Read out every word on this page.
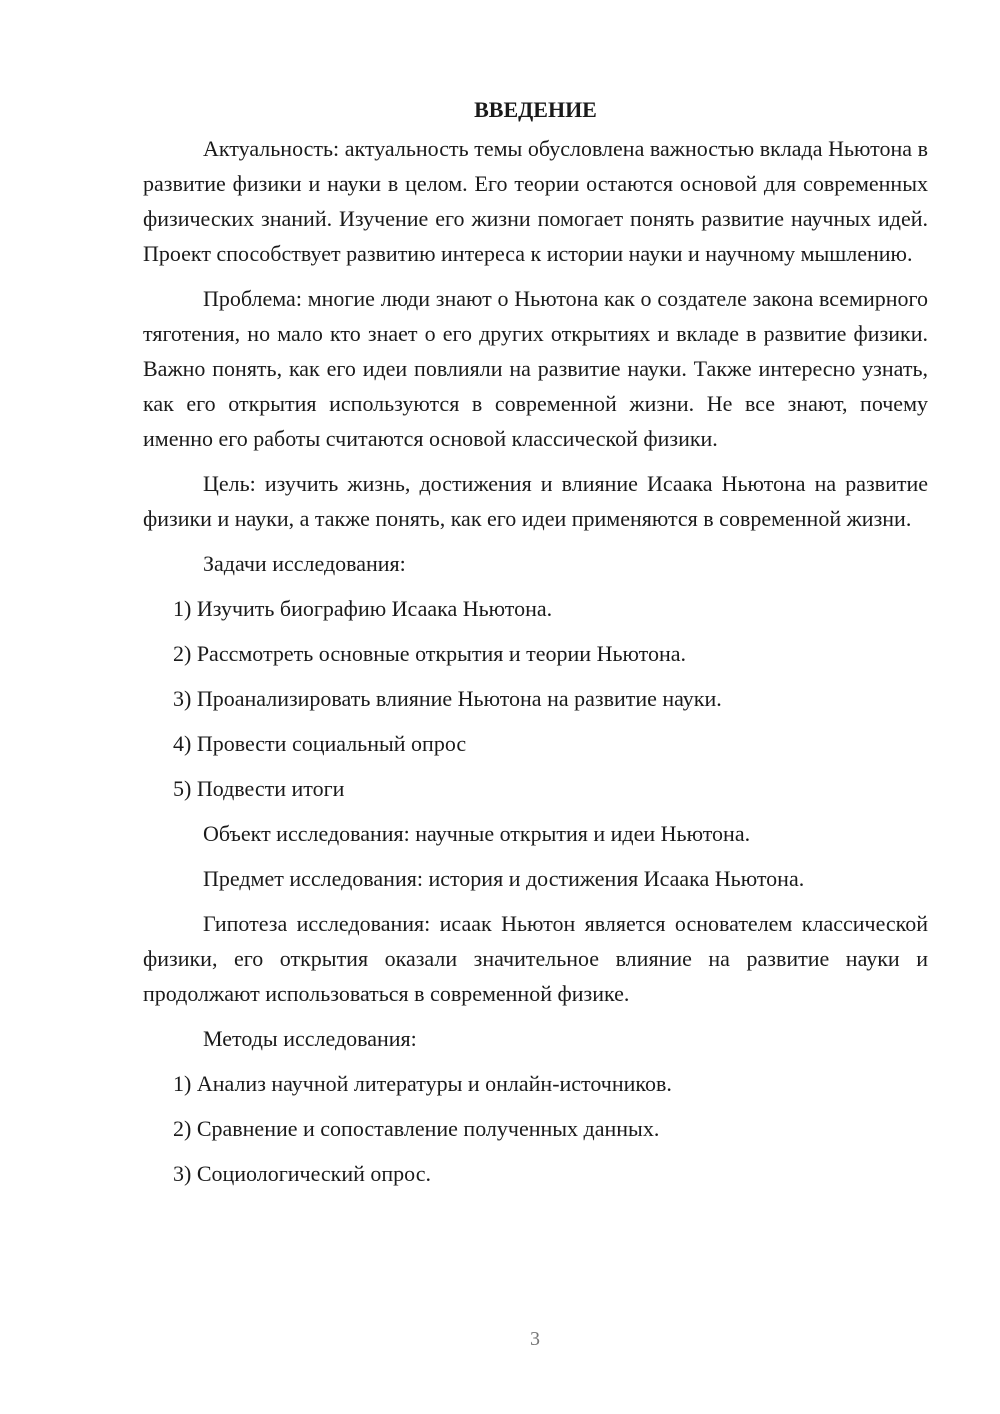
ВВЕДЕНИЕ

Актуальность: актуальность темы обусловлена важностью вклада Ньютона в развитие физики и науки в целом. Его теории остаются основой для современных физических знаний. Изучение его жизни помогает понять развитие научных идей. Проект способствует развитию интереса к истории науки и научному мышлению.

Проблема: многие люди знают о Ньютона как о создателе закона всемирного тяготения, но мало кто знает о его других открытиях и вкладе в развитие физики. Важно понять, как его идеи повлияли на развитие науки. Также интересно узнать, как его открытия используются в современной жизни. Не все знают, почему именно его работы считаются основой классической физики.

Цель: изучить жизнь, достижения и влияние Исаака Ньютона на развитие физики и науки, а также понять, как его идеи применяются в современной жизни.

Задачи исследования:

1) Изучить биографию Исаака Ньютона.

2) Рассмотреть основные открытия и теории Ньютона.

3) Проанализировать влияние Ньютона на развитие науки.

4) Провести социальный опрос

5) Подвести итоги

Объект исследования: научные открытия и идеи Ньютона.

Предмет исследования: история и достижения Исаака Ньютона.

Гипотеза исследования: исаак Ньютон является основателем классической физики, его открытия оказали значительное влияние на развитие науки и продолжают использоваться в современной физике.

Методы исследования:

1) Анализ научной литературы и онлайн-источников.

2) Сравнение и сопоставление полученных данных.

3) Социологический опрос.

3
